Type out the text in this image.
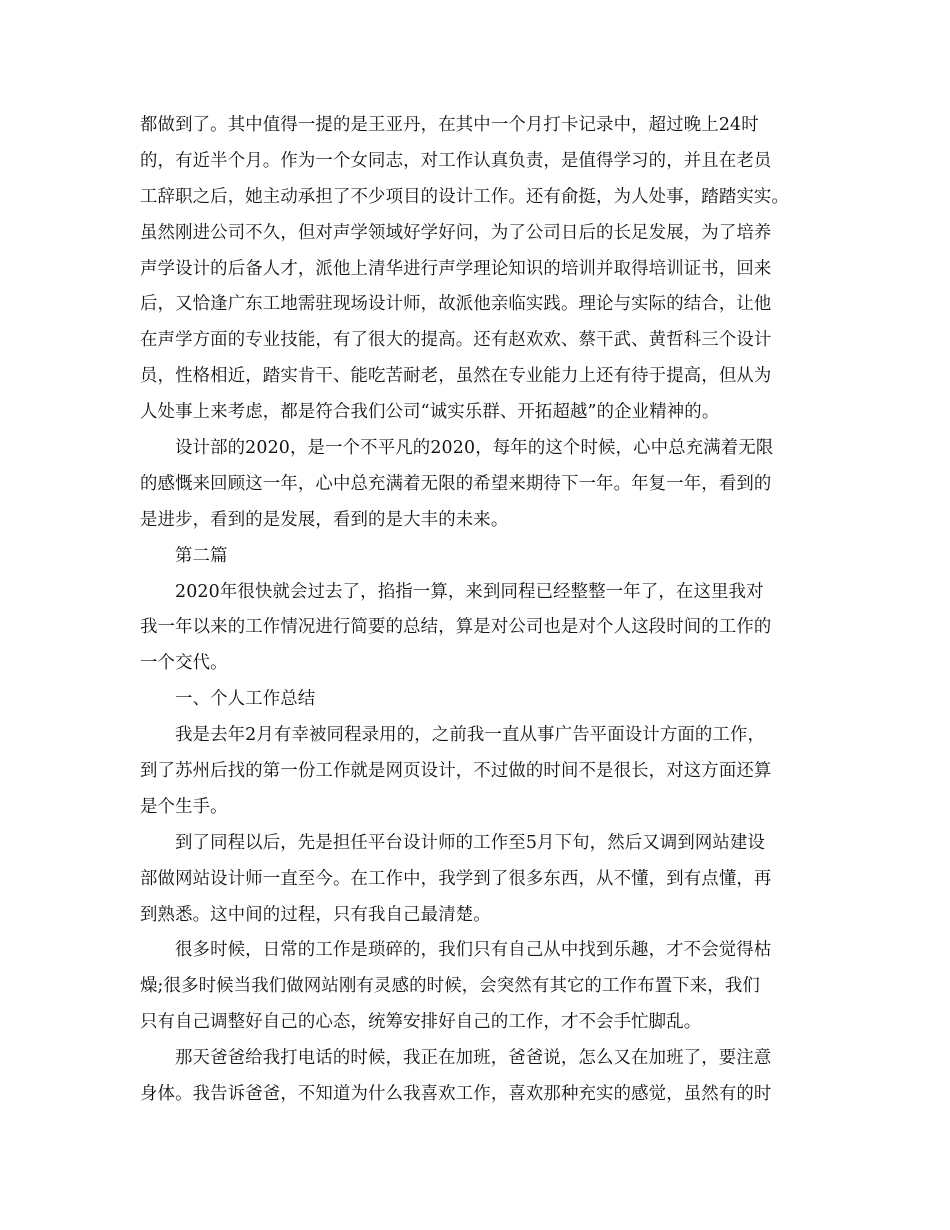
都做到了。其中值得一提的是王亚丹，在其中一个月打卡记录中，超过晚上24时
的，有近半个月。作为一个女同志，对工作认真负责，是值得学习的，并且在老员
工辞职之后，她主动承担了不少项目的设计工作。还有俞挺，为人处事，踏踏实实。
虽然刚进公司不久，但对声学领域好学好问，为了公司日后的长足发展，为了培养
声学设计的后备人才，派他上清华进行声学理论知识的培训并取得培训证书，回来
后，又恰逢广东工地需驻现场设计师，故派他亲临实践。理论与实际的结合，让他
在声学方面的专业技能，有了很大的提高。还有赵欢欢、蔡干武、黄哲科三个设计
员，性格相近，踏实肯干、能吃苦耐老，虽然在专业能力上还有待于提高，但从为
人处事上来考虑，都是符合我们公司“诚实乐群、开拓超越”的企业精神的。
设计部的2020，是一个不平凡的2020，每年的这个时候，心中总充满着无限
的感慨来回顾这一年，心中总充满着无限的希望来期待下一年。年复一年，看到的
是进步，看到的是发展，看到的是大丰的未来。
第二篇
2020年很快就会过去了，掐指一算，来到同程已经整整一年了，在这里我对
我一年以来的工作情况进行简要的总结，算是对公司也是对个人这段时间的工作的
一个交代。
一、个人工作总结
我是去年2月有幸被同程录用的，之前我一直从事广告平面设计方面的工作，
到了苏州后找的第一份工作就是网页设计，不过做的时间不是很长，对这方面还算
是个生手。
到了同程以后，先是担任平台设计师的工作至5月下旬，然后又调到网站建设
部做网站设计师一直至今。在工作中，我学到了很多东西，从不懂，到有点懂，再
到熟悉。这中间的过程，只有我自己最清楚。
很多时候，日常的工作是琐碎的，我们只有自己从中找到乐趣，才不会觉得枯
燥;很多时候当我们做网站刚有灵感的时候，会突然有其它的工作布置下来，我们
只有自己调整好自己的心态，统筹安排好自己的工作，才不会手忙脚乱。
那天爸爸给我打电话的时候，我正在加班，爸爸说，怎么又在加班了，要注意
身体。我告诉爸爸，不知道为什么我喜欢工作，喜欢那种充实的感觉，虽然有的时
